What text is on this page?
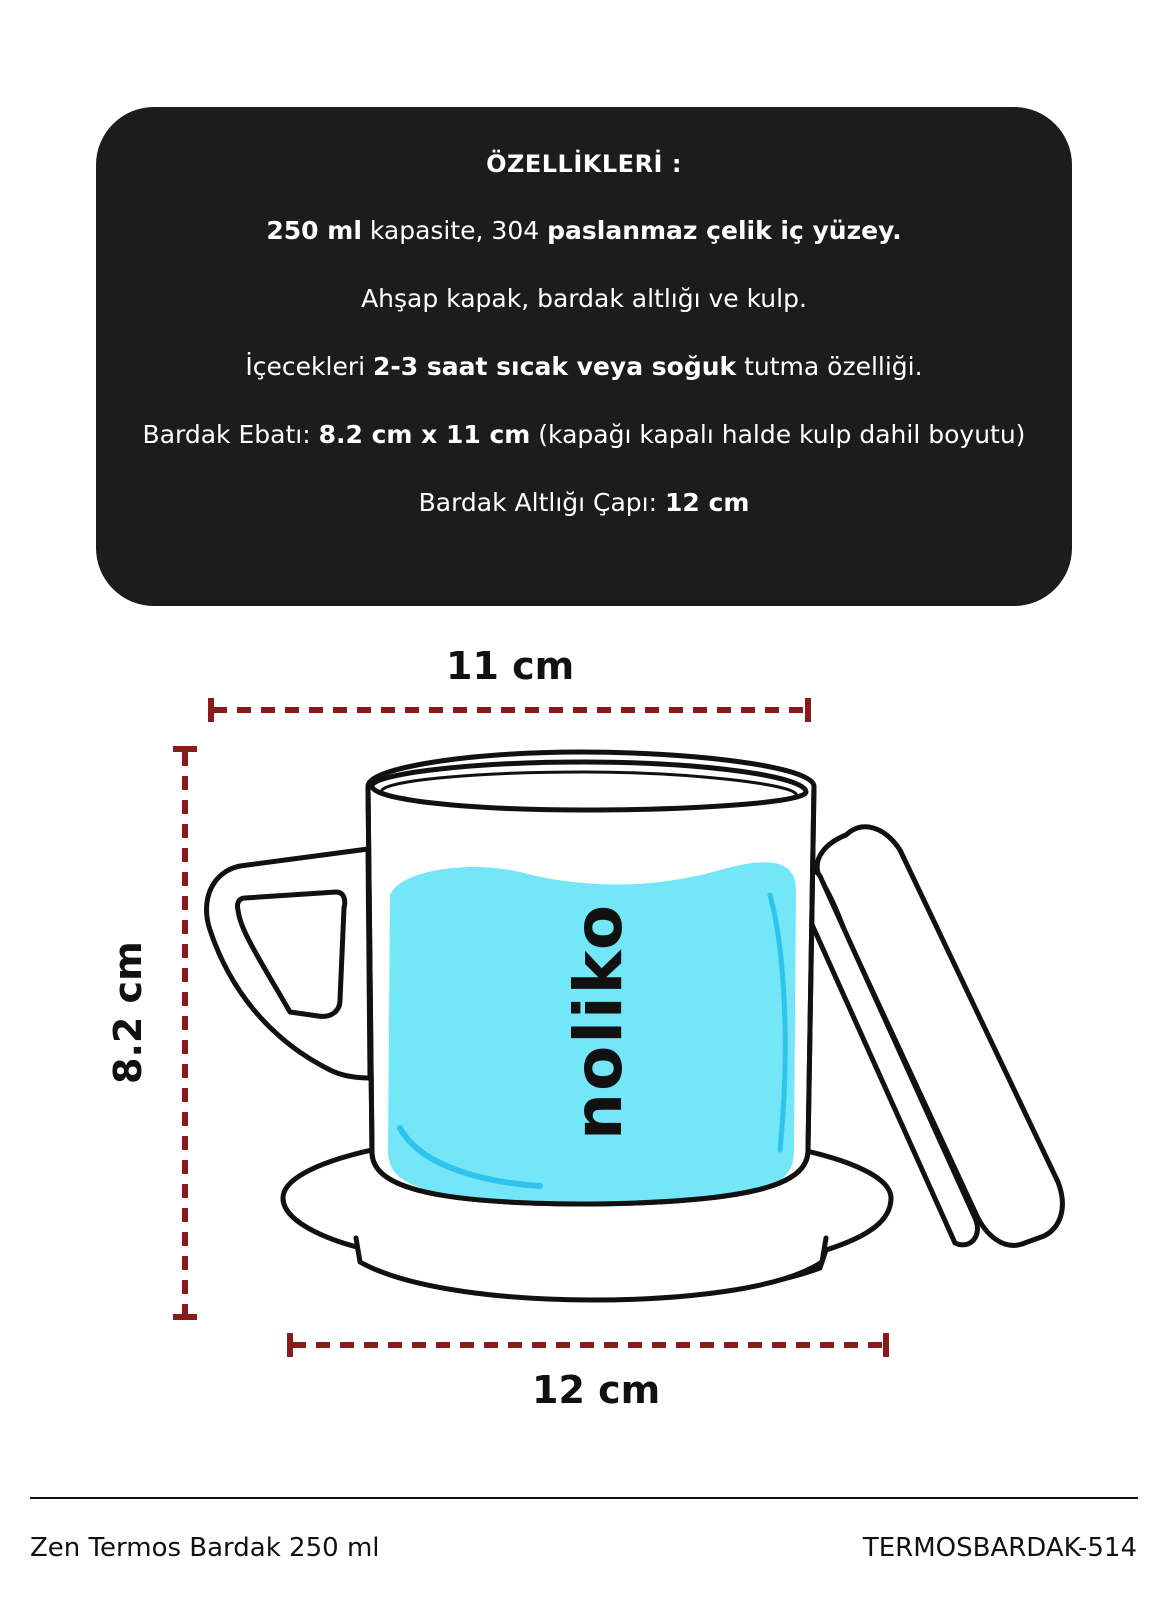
ÖZELLİKLERİ :
250 ml kapasite, 304 paslanmaz çelik iç yüzey.
Ahşap kapak, bardak altlığı ve kulp.
İçecekleri 2-3 saat sıcak veya soğuk tutma özelliği.
Bardak Ebatı: 8.2 cm x 11 cm (kapağı kapalı halde kulp dahil boyutu)
Bardak Altlığı Çapı: 12 cm
noliko
11 cm
8.2 cm
12 cm
Zen Termos Bardak 250 ml	TERMOSBARDAK-514
